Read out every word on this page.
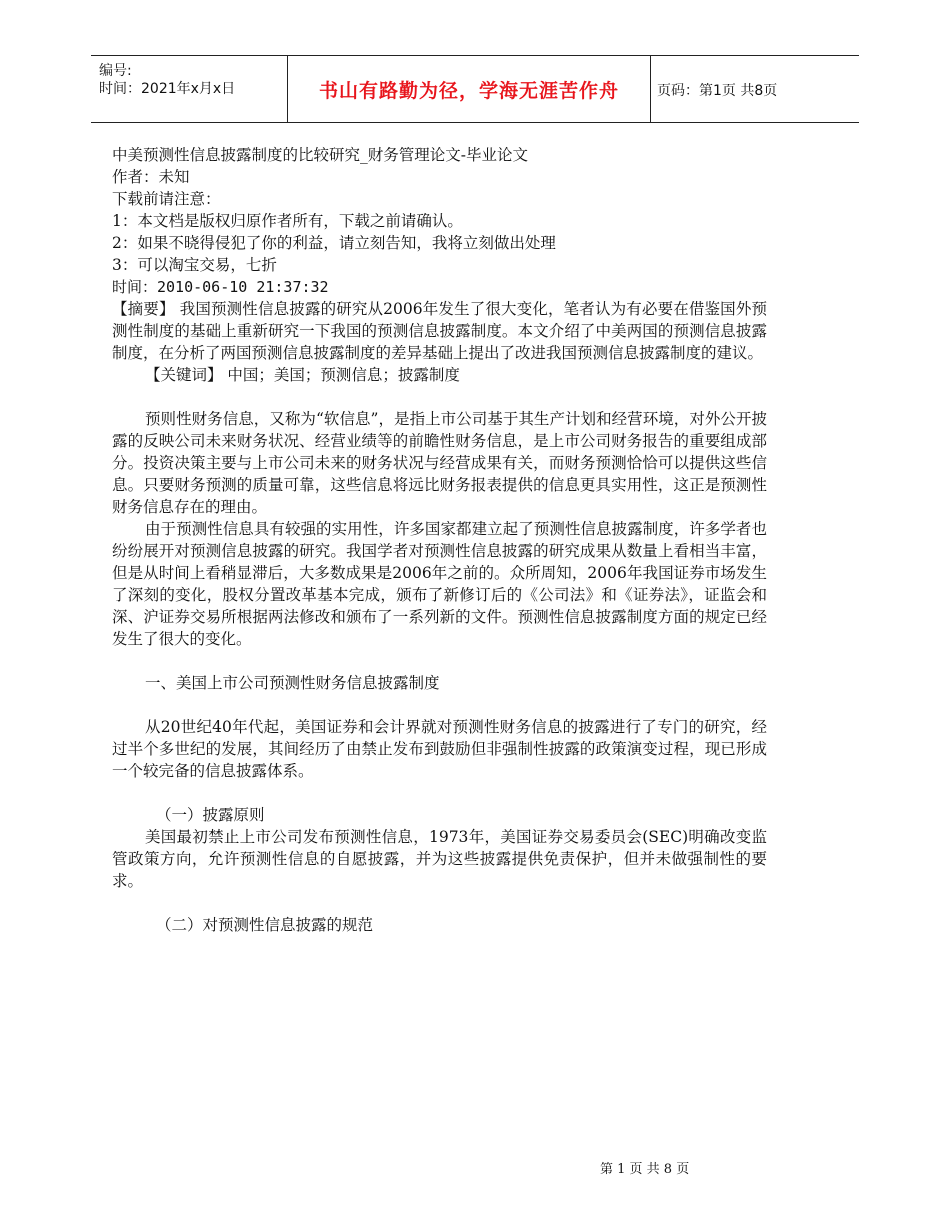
编号:
时间：2021年x月x日	书山有路勤为径，学海无涯苦作舟	页码：第1页 共8页

中美预测性信息披露制度的比较研究_财务管理论文-毕业论文

作者：未知

下载前请注意：

1：本文档是版权归原作者所有，下载之前请确认。

2：如果不晓得侵犯了你的利益，请立刻告知，我将立刻做出处理

3：可以淘宝交易，七折

时间：2010-06-10 21:37:32

【摘要】 我国预测性信息披露的研究从2006年发生了很大变化，笔者认为有必要在借鉴国外预测性制度的基础上重新研究一下我国的预测信息披露制度。本文介绍了中美两国的预测信息披露制度，在分析了两国预测信息披露制度的差异基础上提出了改进我国预测信息披露制度的建议。

【关键词】 中国；美国；预测信息；披露制度

预则性财务信息，又称为“软信息”，是指上市公司基于其生产计划和经营环境，对外公开披露的反映公司未来财务状况、经营业绩等的前瞻性财务信息，是上市公司财务报告的重要组成部分。投资决策主要与上市公司未来的财务状况与经营成果有关，而财务预测恰恰可以提供这些信息。只要财务预测的质量可靠，这些信息将远比财务报表提供的信息更具实用性，这正是预测性财务信息存在的理由。

由于预测性信息具有较强的实用性，许多国家都建立起了预测性信息披露制度，许多学者也纷纷展开对预测信息披露的研究。我国学者对预测性信息披露的研究成果从数量上看相当丰富，但是从时间上看稍显滞后，大多数成果是2006年之前的。众所周知，2006年我国证券市场发生了深刻的变化，股权分置改革基本完成，颁布了新修订后的《公司法》和《证券法》，证监会和深、沪证券交易所根据两法修改和颁布了一系列新的文件。预测性信息披露制度方面的规定已经发生了很大的变化。

一、美国上市公司预测性财务信息披露制度

从20世纪40年代起，美国证券和会计界就对预测性财务信息的披露进行了专门的研究，经过半个多世纪的发展，其间经历了由禁止发布到鼓励但非强制性披露的政策演变过程，现已形成一个较完备的信息披露体系。

（一）披露原则

美国最初禁止上市公司发布预测性信息，1973年，美国证券交易委员会(SEC)明确改变监管政策方向，允许预测性信息的自愿披露，并为这些披露提供免责保护，但并未做强制性的要求。

（二）对预测性信息披露的规范

第 1 页 共 8 页
